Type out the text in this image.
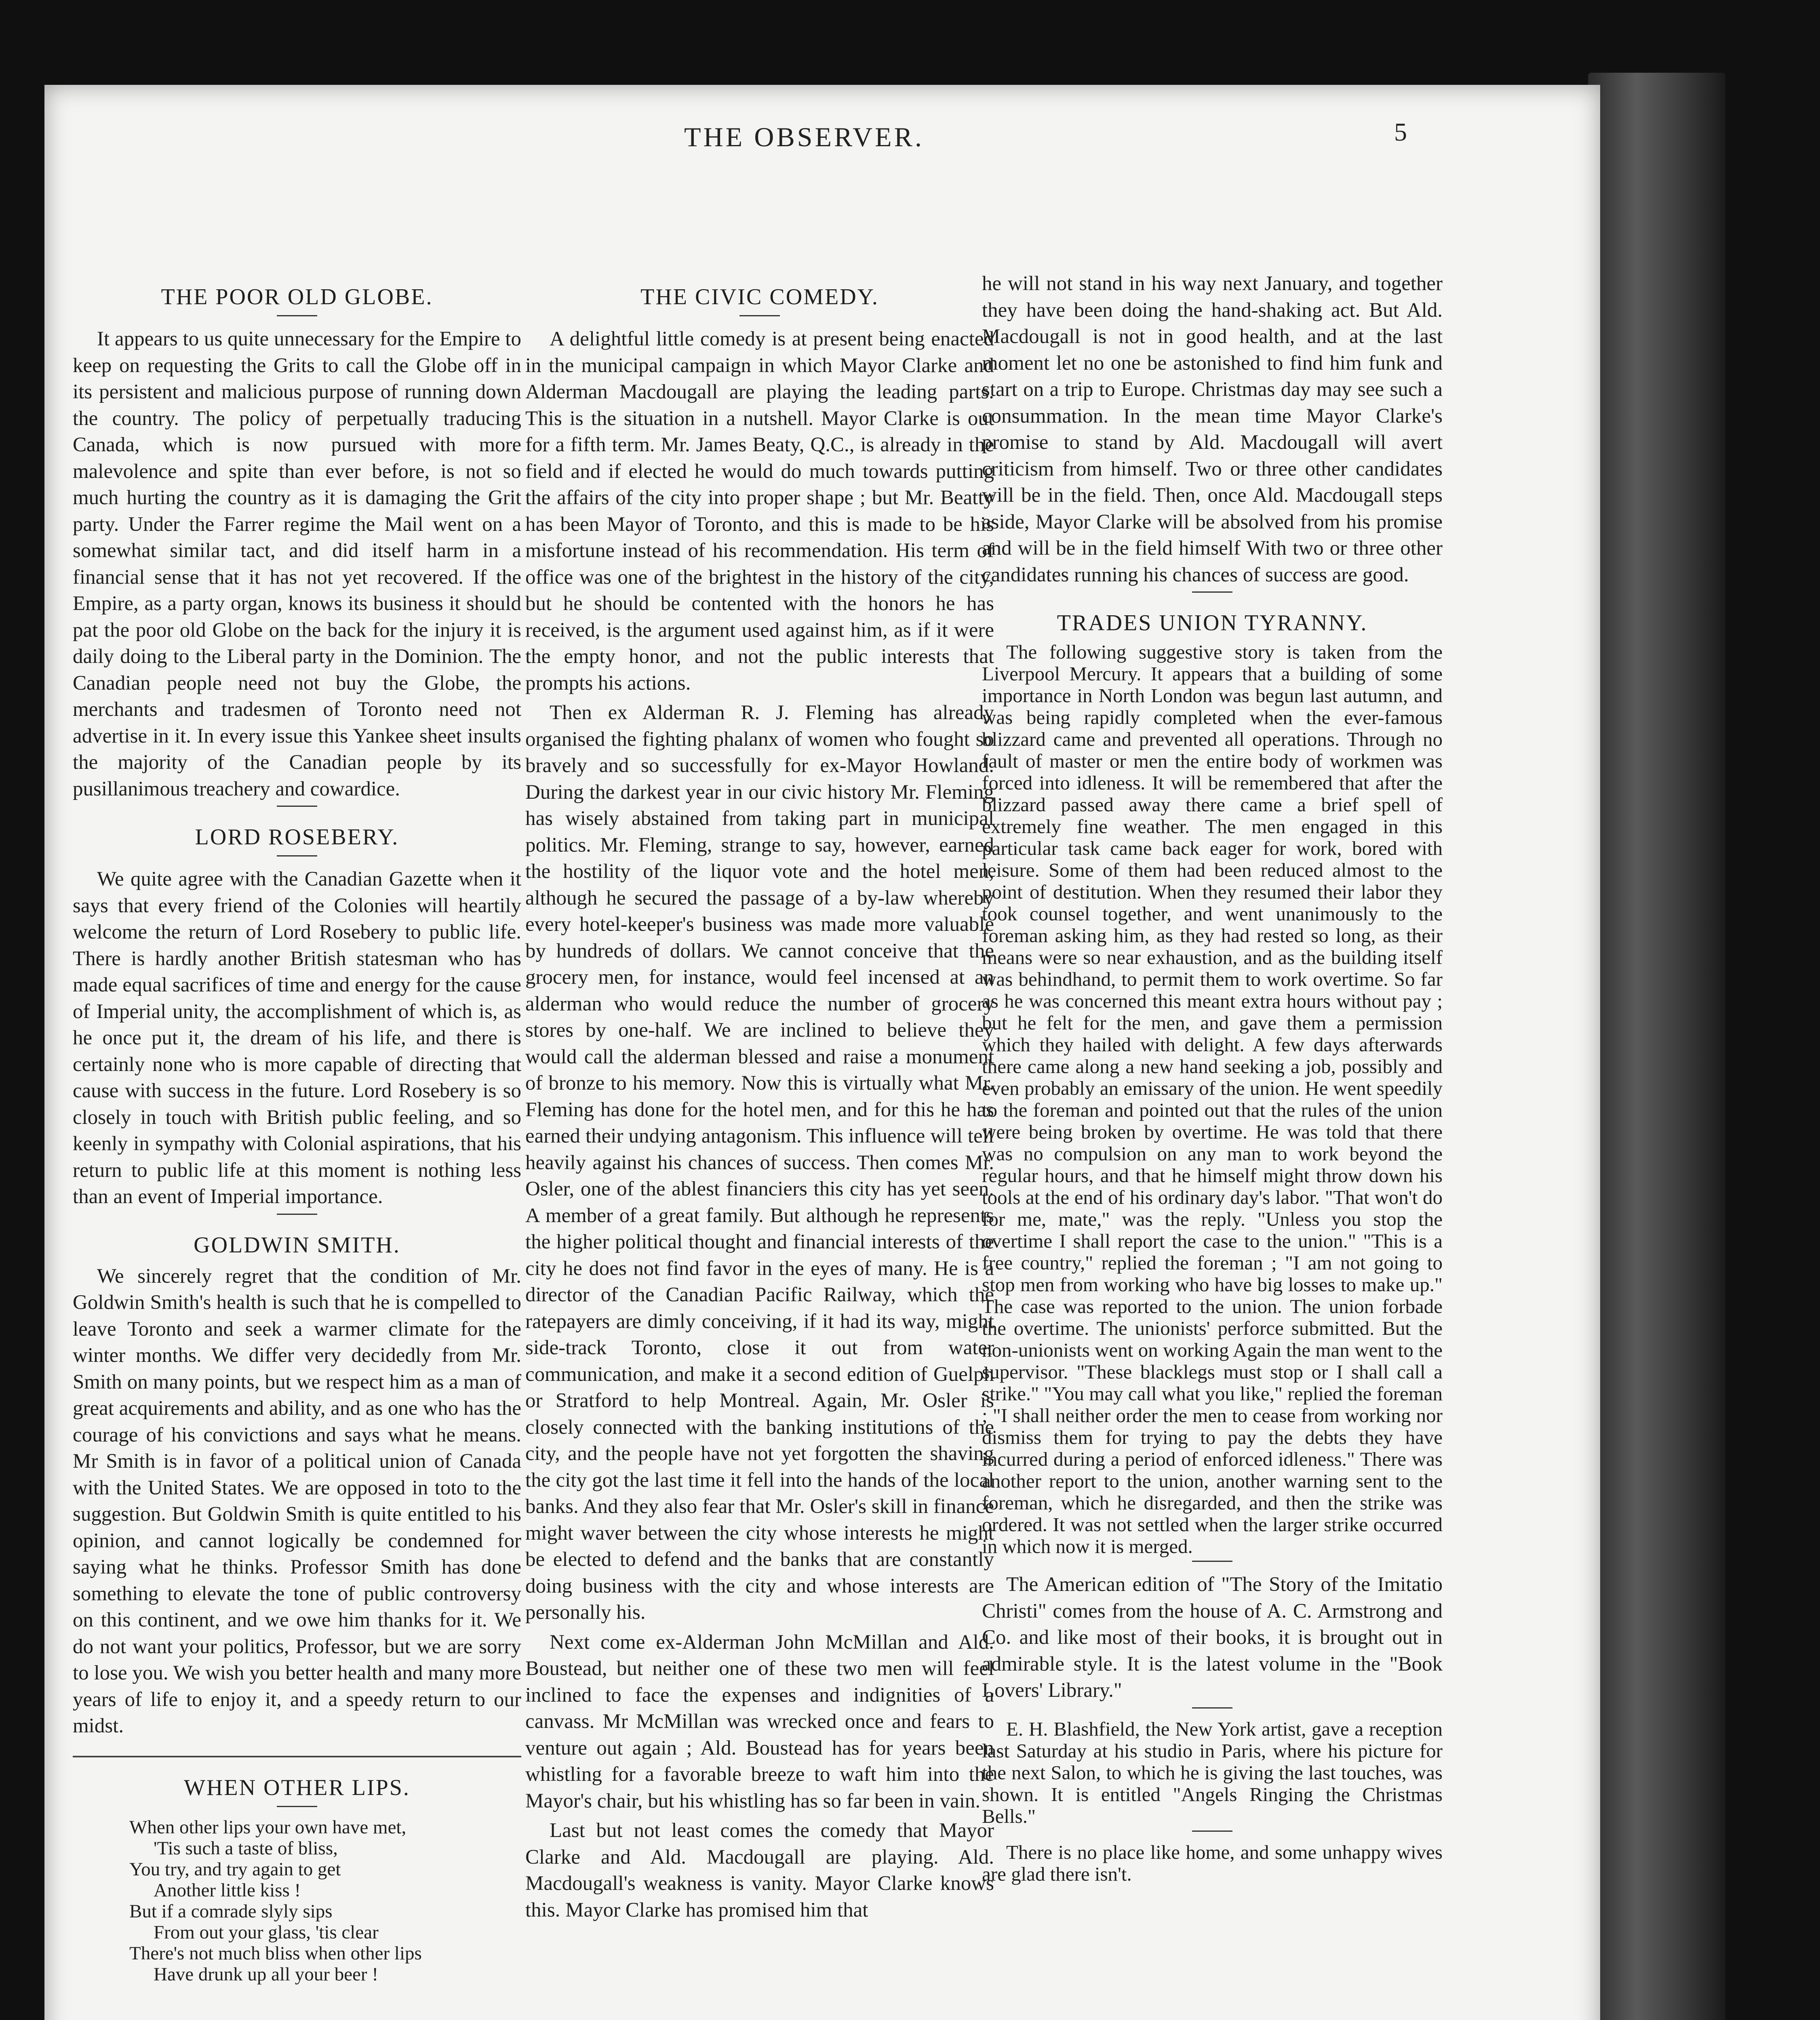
THE OBSERVER.	5
THE POOR OLD GLOBE.

It appears to us quite unnecessary for the Empire to keep on requesting the Grits to call the Globe off in its persistent and malicious purpose of running down the country. The policy of perpetually traducing Canada, which is now pursued with more malevolence and spite than ever before, is not so much hurting the country as it is damaging the Grit party. Under the Farrer regime the Mail went on a somewhat similar tact, and did itself harm in a financial sense that it has not yet recovered. If the Empire, as a party organ, knows its business it should pat the poor old Globe on the back for the injury it is daily doing to the Liberal party in the Dominion. The Canadian people need not buy the Globe, the merchants and tradesmen of Toronto need not advertise in it. In every issue this Yankee sheet insults the majority of the Canadian people by its pusillanimous treachery and cowardice.

LORD ROSEBERY.

We quite agree with the Canadian Gazette when it says that every friend of the Colonies will heartily welcome the return of Lord Rosebery to public life. There is hardly another British statesman who has made equal sacrifices of time and energy for the cause of Imperial unity, the accomplishment of which is, as he once put it, the dream of his life, and there is certainly none who is more capable of directing that cause with success in the future. Lord Rosebery is so closely in touch with British public feeling, and so keenly in sympathy with Colonial aspirations, that his return to public life at this moment is nothing less than an event of Imperial importance.

GOLDWIN SMITH.

We sincerely regret that the condition of Mr. Goldwin Smith's health is such that he is compelled to leave Toronto and seek a warmer climate for the winter months. We differ very decidedly from Mr. Smith on many points, but we respect him as a man of great acquirements and ability, and as one who has the courage of his convictions and says what he means. Mr Smith is in favor of a political union of Canada with the United States. We are opposed in toto to the suggestion. But Goldwin Smith is quite entitled to his opinion, and cannot logically be condemned for saying what he thinks. Professor Smith has done something to elevate the tone of public controversy on this continent, and we owe him thanks for it. We do not want your politics, Professor, but we are sorry to lose you. We wish you better health and many more years of life to enjoy it, and a speedy return to our midst.

WHEN OTHER LIPS.
When other lips your own have met,
'Tis such a taste of bliss,
You try, and try again to get
Another little kiss !
But if a comrade slyly sips
From out your glass, 'tis clear
There's not much bliss when other lips
Have drunk up all your beer !
THE CIVIC COMEDY.

A delightful little comedy is at present being enacted in the municipal campaign in which Mayor Clarke and Alderman Macdougall are playing the leading parts. This is the situation in a nutshell. Mayor Clarke is out for a fifth term. Mr. James Beaty, Q.C., is already in the field and if elected he would do much towards putting the affairs of the city into proper shape ; but Mr. Beatty has been Mayor of Toronto, and this is made to be his misfortune instead of his recommendation. His term of office was one of the brightest in the history of the city, but he should be contented with the honors he has received, is the argument used against him, as if it were the empty honor, and not the public interests that prompts his actions.

Then ex Alderman R. J. Fleming has already organised the fighting phalanx of women who fought so bravely and so successfully for ex-Mayor Howland. During the darkest year in our civic history Mr. Fleming has wisely abstained from taking part in municipal politics. Mr. Fleming, strange to say, however, earned the hostility of the liquor vote and the hotel men, although he secured the passage of a by-law whereby every hotel-keeper's business was made more valuable by hundreds of dollars. We cannot conceive that the grocery men, for instance, would feel incensed at an alderman who would reduce the number of grocery stores by one-half. We are inclined to believe they would call the alderman blessed and raise a monument of bronze to his memory. Now this is virtually what Mr. Fleming has done for the hotel men, and for this he has earned their undying antagonism. This influence will tell heavily against his chances of success. Then comes Mr. Osler, one of the ablest financiers this city has yet seen. A member of a great family. But although he represents the higher political thought and financial interests of the city he does not find favor in the eyes of many. He is a director of the Canadian Pacific Railway, which the ratepayers are dimly conceiving, if it had its way, might side-track Toronto, close it out from water communication, and make it a second edition of Guelph or Stratford to help Montreal. Again, Mr. Osler is closely connected with the banking institutions of the city, and the people have not yet forgotten the shaving the city got the last time it fell into the hands of the local banks. And they also fear that Mr. Osler's skill in finance might waver between the city whose interests he might be elected to defend and the banks that are constantly doing business with the city and whose interests are personally his.

Next come ex-Alderman John McMillan and Ald. Boustead, but neither one of these two men will feel inclined to face the expenses and indignities of a canvass. Mr McMillan was wrecked once and fears to venture out again ; Ald. Boustead has for years been whistling for a favorable breeze to waft him into the Mayor's chair, but his whistling has so far been in vain.

Last but not least comes the comedy that Mayor Clarke and Ald. Macdougall are playing. Ald. Macdougall's weakness is vanity. Mayor Clarke knows this. Mayor Clarke has promised him that

he will not stand in his way next January, and together they have been doing the hand-shaking act. But Ald. Macdougall is not in good health, and at the last moment let no one be astonished to find him funk and start on a trip to Europe. Christmas day may see such a consummation. In the mean time Mayor Clarke's promise to stand by Ald. Macdougall will avert criticism from himself. Two or three other candidates will be in the field. Then, once Ald. Macdougall steps aside, Mayor Clarke will be absolved from his promise and will be in the field himself With two or three other candidates running his chances of success are good.

TRADES UNION TYRANNY.

The following suggestive story is taken from the Liverpool Mercury. It appears that a building of some importance in North London was begun last autumn, and was being rapidly completed when the ever-famous blizzard came and prevented all operations. Through no fault of master or men the entire body of workmen was forced into idleness. It will be remembered that after the blizzard passed away there came a brief spell of extremely fine weather. The men engaged in this particular task came back eager for work, bored with leisure. Some of them had been reduced almost to the point of destitution. When they resumed their labor they took counsel together, and went unanimously to the foreman asking him, as they had rested so long, as their means were so near exhaustion, and as the building itself was behindhand, to permit them to work overtime. So far as he was concerned this meant extra hours without pay ; but he felt for the men, and gave them a permission which they hailed with delight. A few days afterwards there came along a new hand seeking a job, possibly and even probably an emissary of the union. He went speedily to the foreman and pointed out that the rules of the union were being broken by overtime. He was told that there was no compulsion on any man to work beyond the regular hours, and that he himself might throw down his tools at the end of his ordinary day's labor. "That won't do for me, mate," was the reply. "Unless you stop the overtime I shall report the case to the union." "This is a free country," replied the foreman ; "I am not going to stop men from working who have big losses to make up." The case was reported to the union. The union forbade the overtime. The unionists' perforce submitted. But the non-unionists went on working Again the man went to the supervisor. "These blacklegs must stop or I shall call a strike." "You may call what you like," replied the foreman ; "I shall neither order the men to cease from working nor dismiss them for trying to pay the debts they have incurred during a period of enforced idleness." There was another report to the union, another warning sent to the foreman, which he disregarded, and then the strike was ordered. It was not settled when the larger strike occurred in which now it is merged.

The American edition of "The Story of the Imitatio Christi" comes from the house of A. C. Armstrong and Co. and like most of their books, it is brought out in admirable style. It is the latest volume in the "Book Lovers' Library."

E. H. Blashfield, the New York artist, gave a reception last Saturday at his studio in Paris, where his picture for the next Salon, to which he is giving the last touches, was shown. It is entitled "Angels Ringing the Christmas Bells."

There is no place like home, and some unhappy wives are glad there isn't.
